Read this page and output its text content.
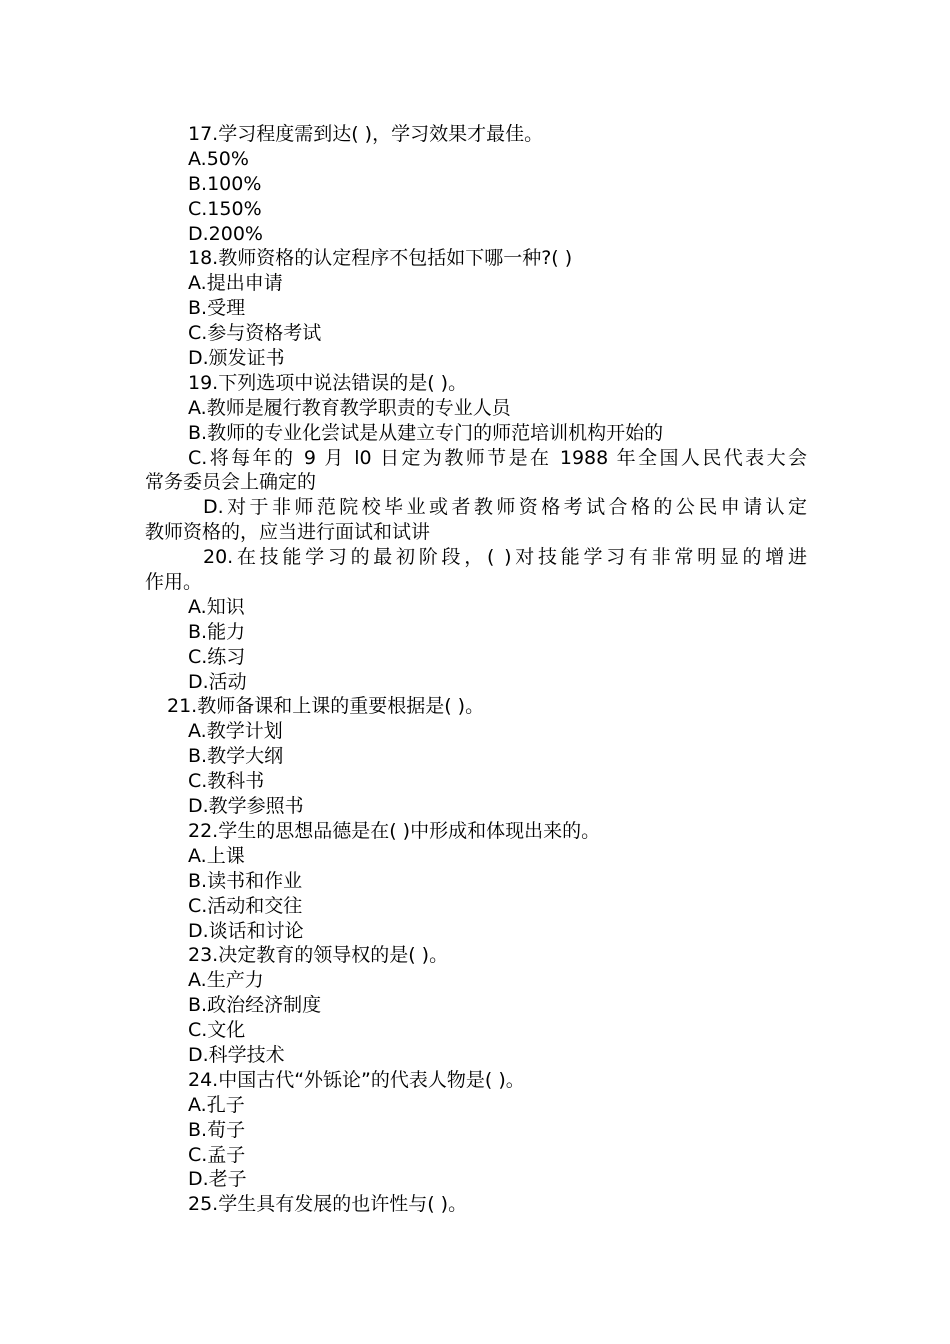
17.学习程度需到达( )，学习效果才最佳。
A.50%
B.100%
C.150%
D.200%
18.教师资格的认定程序不包括如下哪一种?( )
A.提出申请
B.受理
C.参与资格考试
D.颁发证书
19.下列选项中说法错误的是( )。
A.教师是履行教育教学职责的专业人员
B.教师的专业化尝试是从建立专门的师范培训机构开始的
C.将每年的 9 月 l0 日定为教师节是在 1988 年全国人民代表大会
常务委员会上确定的
D.对于非师范院校毕业或者教师资格考试合格的公民申请认定
教师资格的，应当进行面试和试讲
20.在技能学习的最初阶段，( )对技能学习有非常明显的增进
作用。
A.知识
B.能力
C.练习
D.活动
21.教师备课和上课的重要根据是( )。
A.教学计划
B.教学大纲
C.教科书
D.教学参照书
22.学生的思想品德是在( )中形成和体现出来的。
A.上课
B.读书和作业
C.活动和交往
D.谈话和讨论
23.决定教育的领导权的是( )。
A.生产力
B.政治经济制度
C.文化
D.科学技术
24.中国古代“外铄论”的代表人物是( )。
A.孔子
B.荀子
C.孟子
D.老子
25.学生具有发展的也许性与( )。
